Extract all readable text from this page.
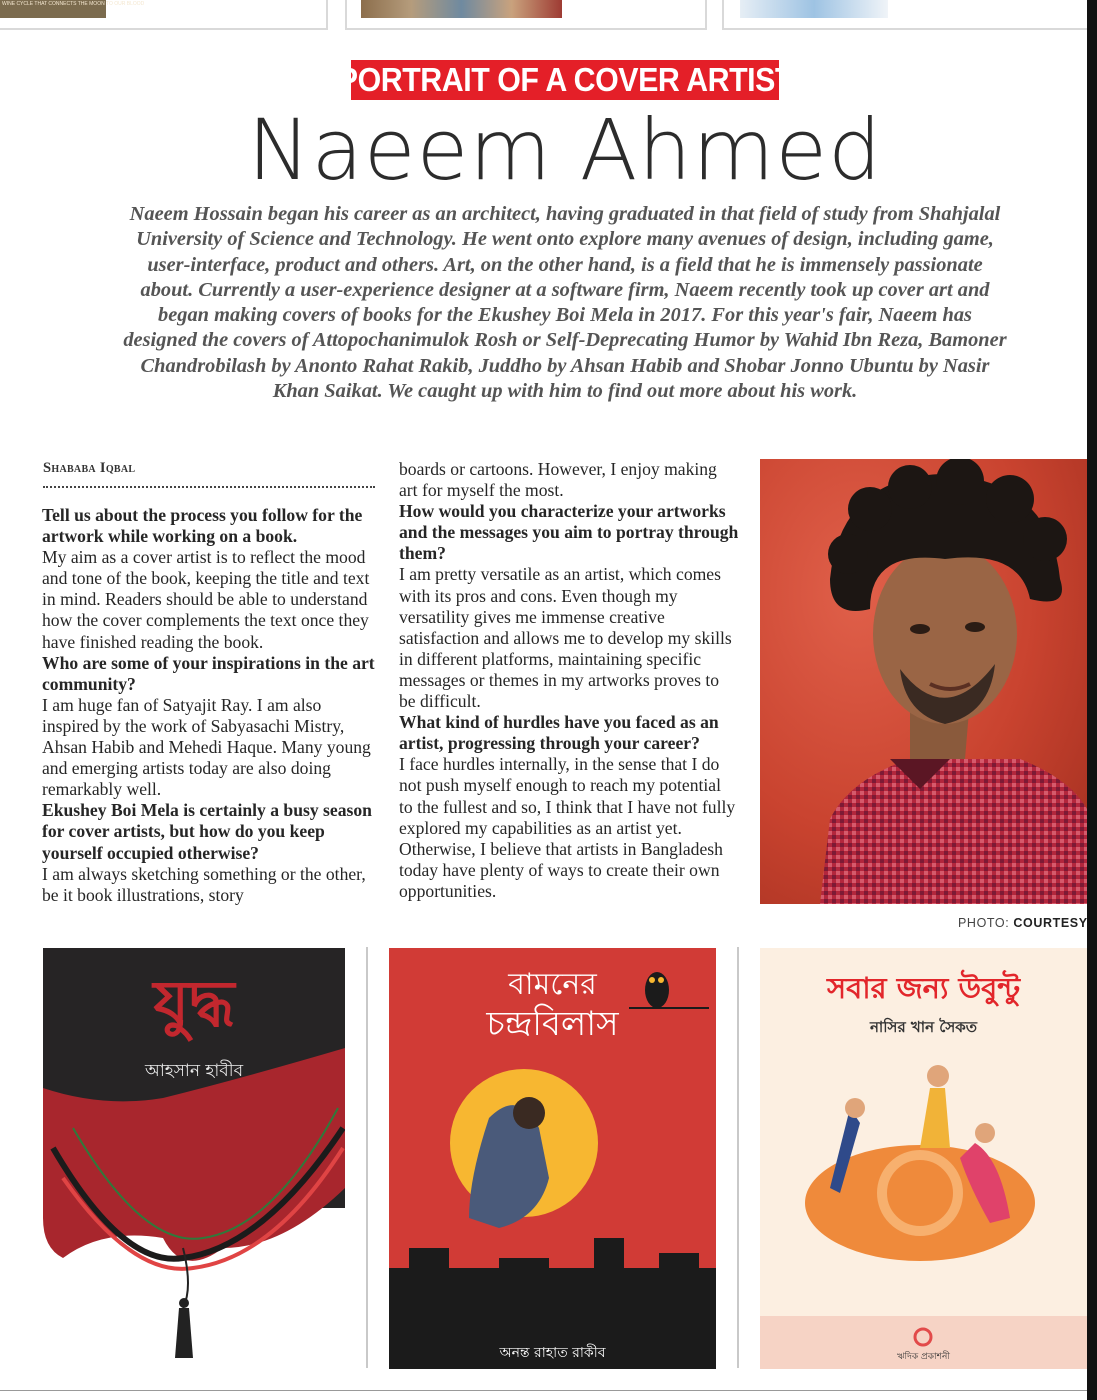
WINE CYCLE THAT CONNECTS THE MOON TO OUR BLOOD
PORTRAIT OF A COVER ARTIST
Naeem Ahmed
Naeem Hossain began his career as an architect, having graduated in that field of study from Shahjalal University of Science and Technology. He went onto explore many avenues of design, including game, user-interface, product and others. Art, on the other hand, is a field that he is immensely passionate about. Currently a user-experience designer at a software firm, Naeem recently took up cover art and began making covers of books for the Ekushey Boi Mela in 2017. For this year's fair, Naeem has designed the covers of Attopochanimulok Rosh or Self-Deprecating Humor by Wahid Ibn Reza, Bamoner Chandrobilash by Anonto Rahat Rakib, Juddho by Ahsan Habib and Shobar Jonno Ubuntu by Nasir Khan Saikat. We caught up with him to find out more about his work.
Shababa Iqbal

Tell us about the process you follow for the artwork while working on a book.

My aim as a cover artist is to reflect the mood and tone of the book, keeping the title and text in mind. Readers should be able to understand how the cover complements the text once they have finished reading the book.

Who are some of your inspirations in the art community?

I am huge fan of Satyajit Ray. I am also inspired by the work of Sabyasachi Mistry, Ahsan Habib and Mehedi Haque. Many young and emerging artists today are also doing remarkably well.

Ekushey Boi Mela is certainly a busy season for cover artists, but how do you keep yourself occupied otherwise?

I am always sketching something or the other, be it book illustrations, story

boards or cartoons. However, I enjoy making art for myself the most.

How would you characterize your artworks and the messages you aim to portray through them?

I am pretty versatile as an artist, which comes with its pros and cons. Even though my versatility gives me immense creative satisfaction and allows me to develop my skills in different platforms, maintaining specific messages or themes in my artworks proves to be difficult.

What kind of hurdles have you faced as an artist, progressing through your career?

I face hurdles internally, in the sense that I do not push myself enough to reach my potential to the fullest and so, I think that I have not fully explored my capabilities as an artist yet. Otherwise, I believe that artists in Bangladesh today have plenty of ways to create their own opportunities.

PHOTO: COURTESY
যুদ্ধ
আহসান হাবীব
বামনের
চন্দ্রবিলাস
অনন্ত রাহাত রাকীব
সবার জন্য উবুন্টু
নাসির খান সৈকত
ঋদিক প্রকাশনী
